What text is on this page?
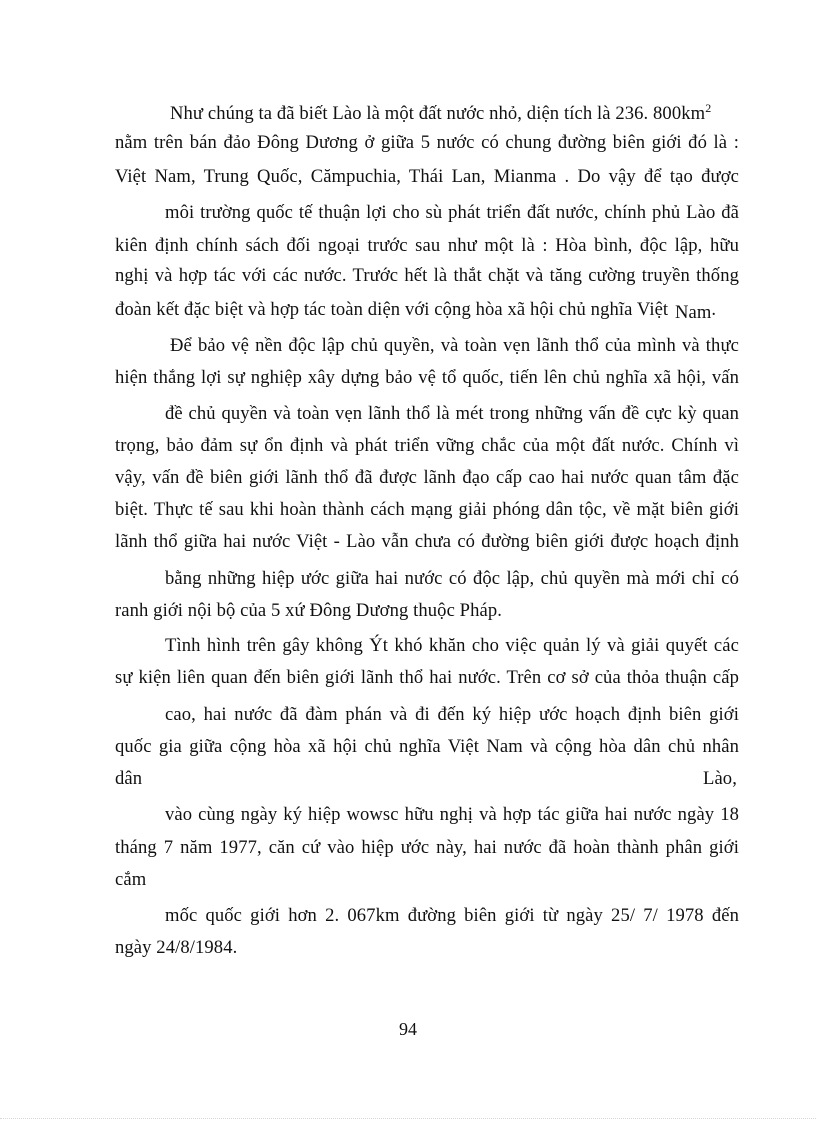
Như chúng ta đã biết Lào là một đất nước nhỏ, diện tích là 236. $800km^2$
nằm trên bán đảo Đông Dương ở giữa 5 nước có chung đường biên giới đó là :
Việt Nam, Trung Quốc, Cămpuchia, Thái Lan, Mianma . Do vậy để tạo được
môi trường quốc tế thuận lợi cho sù phát triển đất nước, chính phủ Lào đã
kiên định chính sách đối ngoại trước sau như một là : Hòa bình, độc lập, hữu
nghị và hợp tác với các nước. Trước hết là thắt chặt và tăng cường truyền thống
đoàn kết đặc biệt và hợp tác toàn diện với cộng hòa xã hội chủ nghĩa Việt Nam.
Để bảo vệ nền độc lập chủ quyền, và toàn vẹn lãnh thổ của mình và thực
hiện thắng lợi sự nghiệp xây dựng bảo vệ tổ quốc, tiến lên chủ nghĩa xã hội, vấn
đề chủ quyền và toàn vẹn lãnh thổ là mét trong những vấn đề cực kỳ quan
trọng, bảo đảm sự ổn định và phát triển vững chắc của một đất nước. Chính vì
vậy, vấn đề biên giới lãnh thổ đã được lãnh đạo cấp cao hai nước quan tâm đặc
biệt. Thực tế sau khi hoàn thành cách mạng giải phóng dân tộc, về mặt biên giới
lãnh thổ giữa hai nước Việt - Lào vẫn chưa có đường biên giới được hoạch định
bằng những hiệp ước giữa hai nước có độc lập, chủ quyền mà mới chỉ có
ranh giới nội bộ của 5 xứ Đông Dương thuộc Pháp.
Tình hình trên gây không Ýt khó khăn cho việc quản lý và giải quyết các
sự kiện liên quan đến biên giới lãnh thổ hai nước. Trên cơ sở của thỏa thuận cấp
cao, hai nước đã đàm phán và đi đến ký hiệp ước hoạch định biên giới
quốc gia giữa cộng hòa xã hội chủ nghĩa Việt Nam và cộng hòa dân chủ nhân
dân	Lào,
vào cùng ngày ký hiệp wowsc hữu nghị và hợp tác giữa hai nước ngày 18
tháng 7 năm 1977, căn cứ vào hiệp ước này, hai nước đã hoàn thành phân giới
cắm
mốc quốc giới hơn 2. 067km đường biên giới từ ngày 25/ 7/ 1978 đến
ngày 24/8/1984.
94
